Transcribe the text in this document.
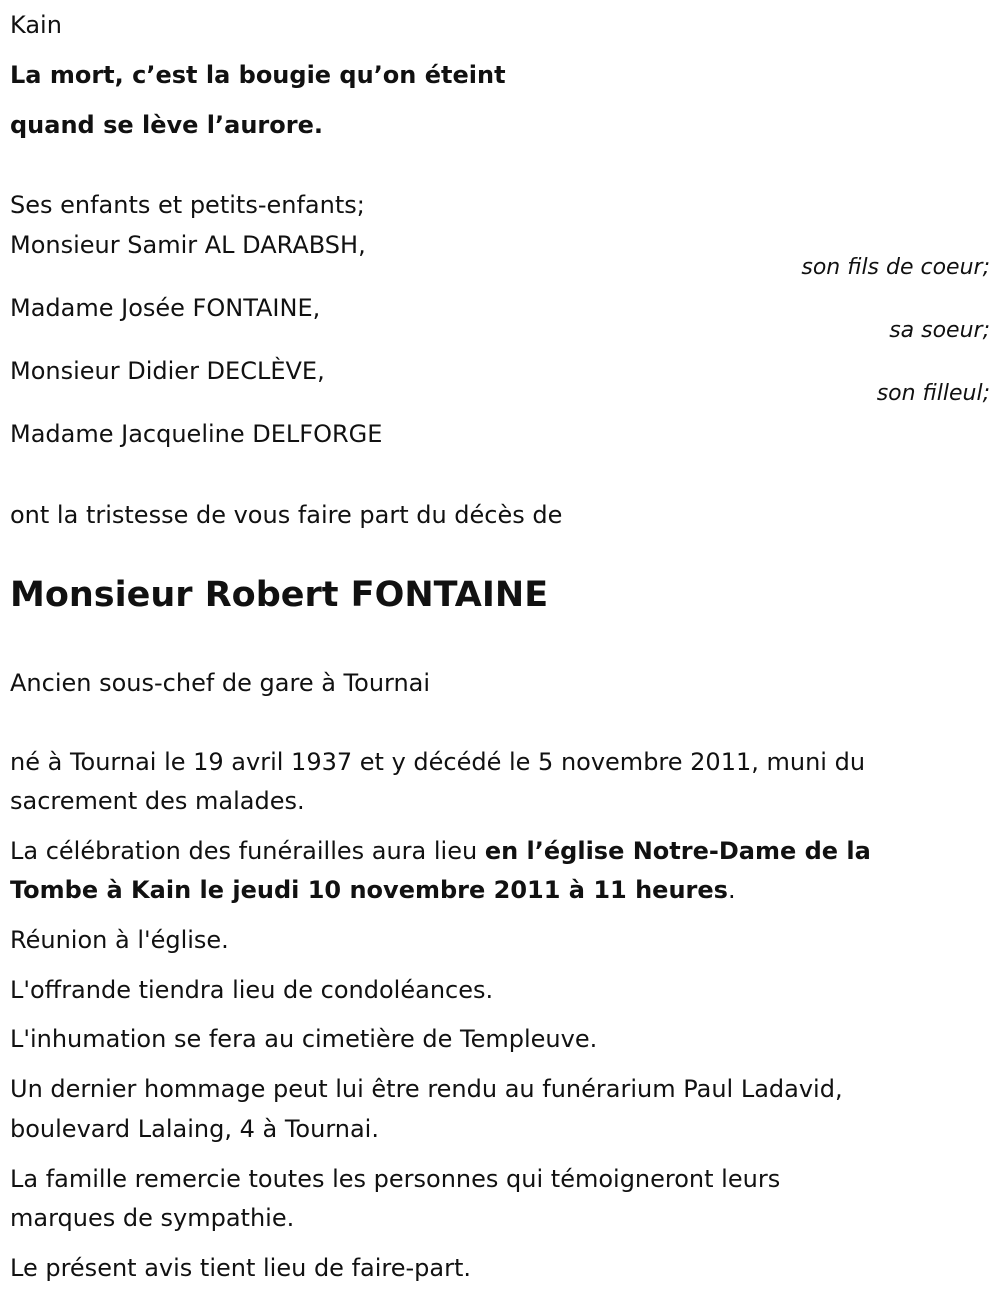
Kain
La mort, c’est la bougie qu’on éteint
quand se lève l’aurore.
Ses enfants et petits-enfants;
Monsieur Samir AL DARABSH,
son fils de coeur;
Madame Josée FONTAINE,
sa soeur;
Monsieur Didier DECLÈVE,
son filleul;
Madame Jacqueline DELFORGE
ont la tristesse de vous faire part du décès de
Monsieur Robert FONTAINE
Ancien sous-chef de gare à Tournai
né à Tournai le 19 avril 1937 et y décédé le 5 novembre 2011, muni du
sacrement des malades.
La célébration des funérailles aura lieu en l’église Notre-Dame de la
Tombe à Kain le jeudi 10 novembre 2011 à 11 heures.
Réunion à l'église.
L'offrande tiendra lieu de condoléances.
L'inhumation se fera au cimetière de Templeuve.
Un dernier hommage peut lui être rendu au funérarium Paul Ladavid,
boulevard Lalaing, 4 à Tournai.
La famille remercie toutes les personnes qui témoigneront leurs
marques de sympathie.
Le présent avis tient lieu de faire-part.
